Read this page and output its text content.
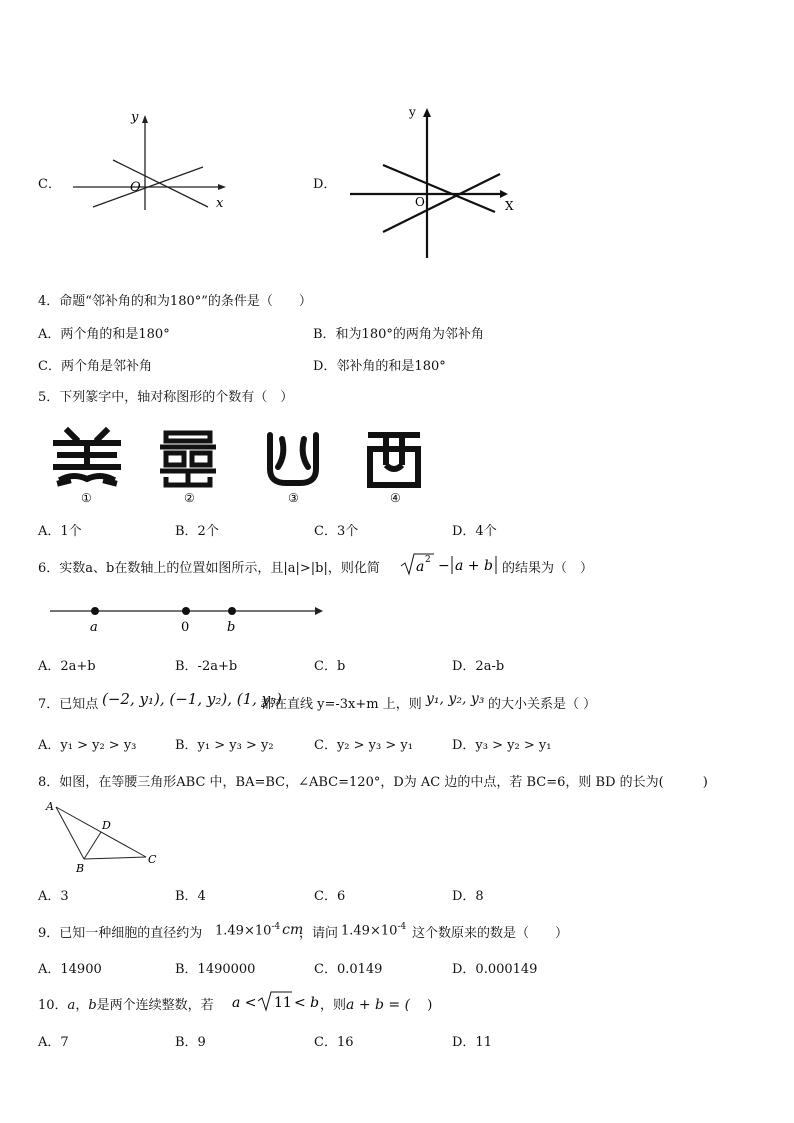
C．
y
x
O	D．
y
X
O
4．命题“邻补角的和为180°”的条件是（　　）
A．两个角的和是180°	B．和为180°的两角为邻补角
C．两个角是邻补角	D．邻补角的和是180°
5．下列篆字中，轴对称图形的个数有（　）
①	②	③	④
A．1个	B．2个	C．3个	D．4个
6．实数a、b在数轴上的位置如图所示，且|a|>|b|，则化简	a 2 − a + b 的结果为（　）
a	0	b
A．2a+b	B．-2a+b	C．b	D．2a-b
7．已知点 (−2, y₁), (−1, y₂), (1, y₃)
都在直线 y=-3x+m 上，则 y₁, y₂, y₃ 的大小关系是（ ）
A．y₁ > y₂ > y₃	B．y₁ > y₃ > y₂	C．y₂ > y₃ > y₁	D．y₃ > y₂ > y₁
8．如图，在等腰三角形ABC 中，BA=BC，∠ABC=120°，D为 AC 边的中点，若 BC=6，则 BD 的长为(　　　)
A
B
C
D
A．3	B．4	C．6	D．8
9．已知一种细胞的直径约为 $1.49\times 10^{-4}$ cm
，请问 $1.49\times 10^{-4}$ 这个数原来的数是（　　）
A．14900	B．1490000	C．0.0149	D．0.000149
10．a，b是两个连续整数，若 a < 11 < b ，则a + b = (　 )
A．7	B．9	C．16	D．11
